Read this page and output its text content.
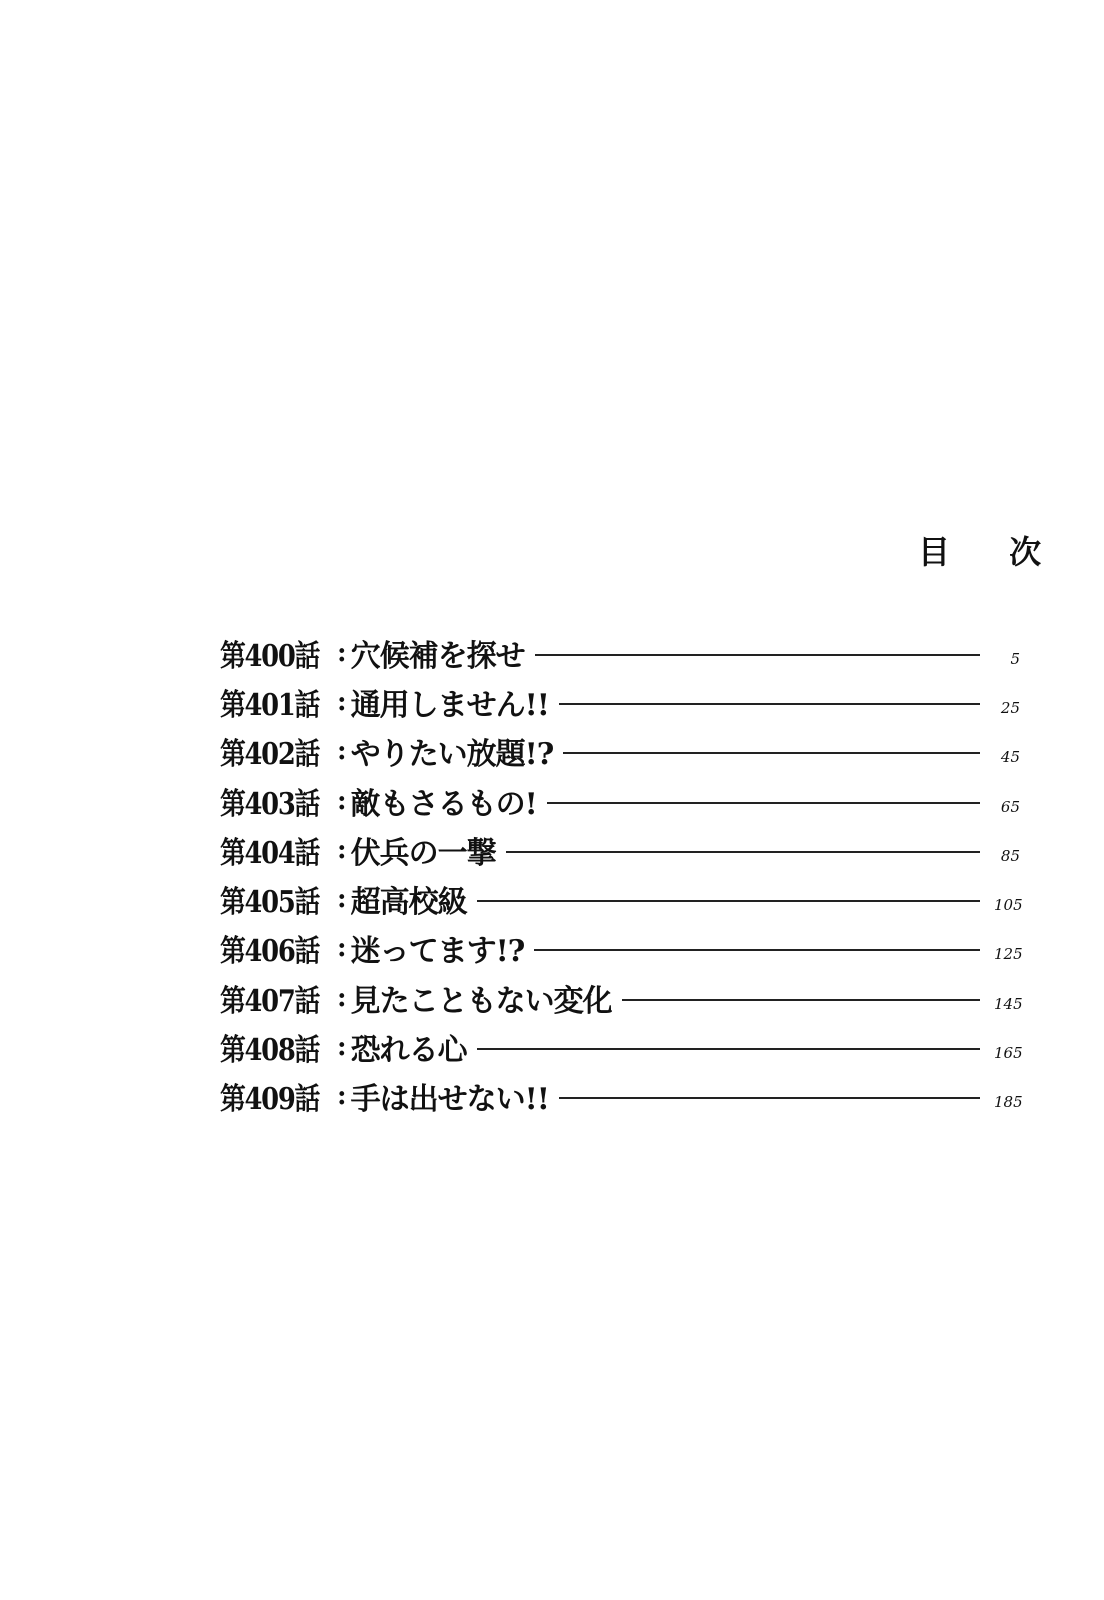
目 次
第400話 : 穴候補を探せ	5
第401話 : 通用しません!!	25
第402話 : やりたい放題!?	45
第403話 : 敵もさるもの!	65
第404話 : 伏兵の一撃	85
第405話 : 超高校級	105
第406話 : 迷ってます!?	125
第407話 : 見たこともない変化	145
第408話 : 恐れる心	165
第409話 : 手は出せない!!	185
